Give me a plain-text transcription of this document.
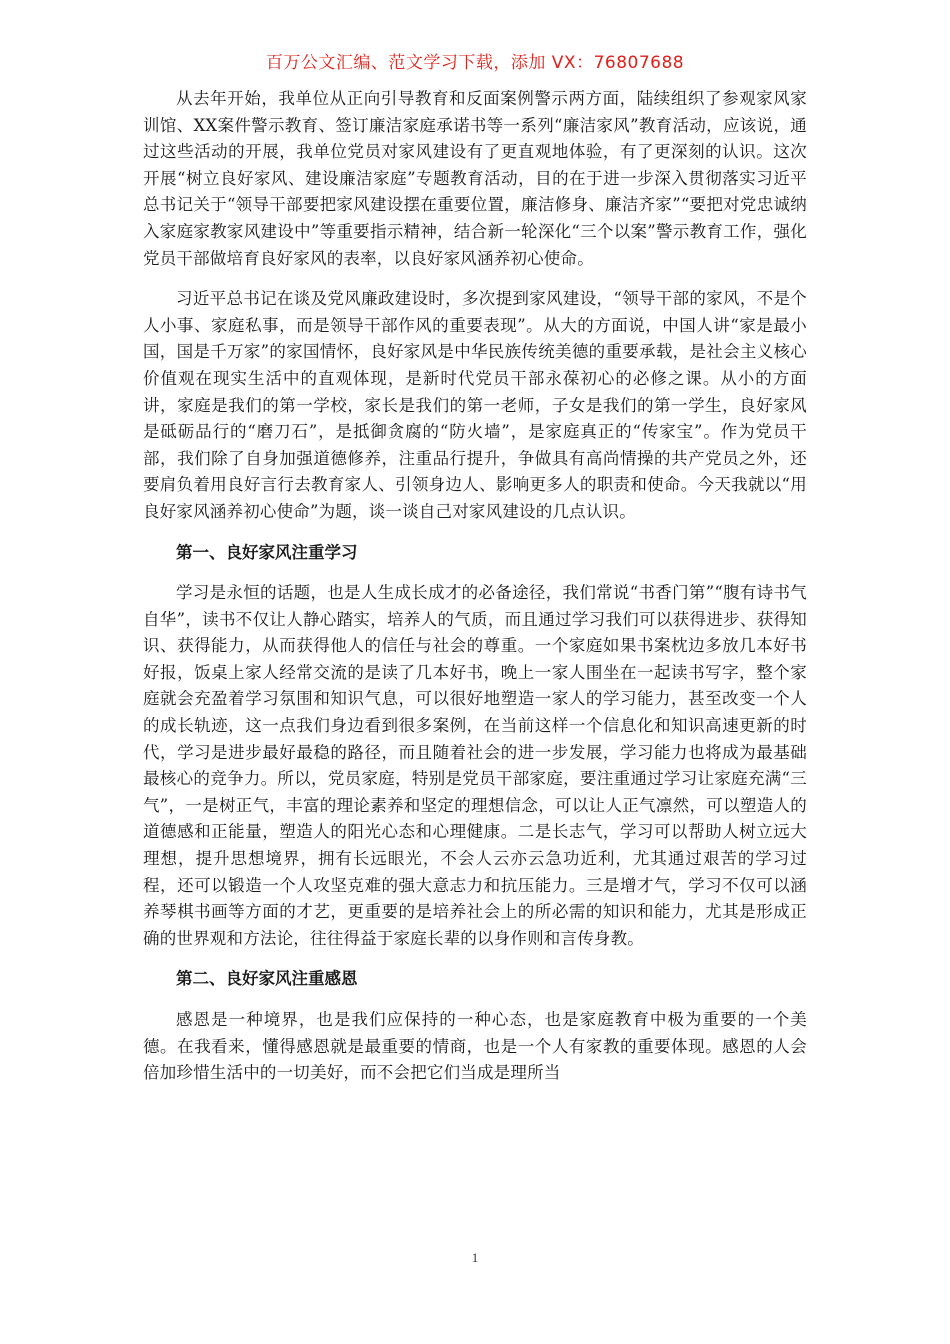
百万公文汇编、范文学习下载，添加 VX：76807688

从去年开始，我单位从正向引导教育和反面案例警示两方面，陆续组织了参观家风家训馆、XX案件警示教育、签订廉洁家庭承诺书等一系列“廉洁家风”教育活动，应该说，通过这些活动的开展，我单位党员对家风建设有了更直观地体验，有了更深刻的认识。这次开展“树立良好家风、建设廉洁家庭”专题教育活动，目的在于进一步深入贯彻落实习近平总书记关于“领导干部要把家风建设摆在重要位置，廉洁修身、廉洁齐家”“要把对党忠诚纳入家庭家教家风建设中”等重要指示精神，结合新一轮深化“三个以案”警示教育工作，强化党员干部做培育良好家风的表率，以良好家风涵养初心使命。

习近平总书记在谈及党风廉政建设时，多次提到家风建设，“领导干部的家风，不是个人小事、家庭私事，而是领导干部作风的重要表现”。从大的方面说，中国人讲“家是最小国，国是千万家”的家国情怀，良好家风是中华民族传统美德的重要承载，是社会主义核心价值观在现实生活中的直观体现，是新时代党员干部永葆初心的必修之课。从小的方面讲，家庭是我们的第一学校，家长是我们的第一老师，子女是我们的第一学生，良好家风是砥砺品行的“磨刀石”，是抵御贪腐的“防火墙”，是家庭真正的“传家宝”。作为党员干部，我们除了自身加强道德修养，注重品行提升，争做具有高尚情操的共产党员之外，还要肩负着用良好言行去教育家人、引领身边人、影响更多人的职责和使命。今天我就以“用良好家风涵养初心使命”为题，谈一谈自己对家风建设的几点认识。

第一、良好家风注重学习

学习是永恒的话题，也是人生成长成才的必备途径，我们常说“书香门第”“腹有诗书气自华”，读书不仅让人静心踏实，培养人的气质，而且通过学习我们可以获得进步、获得知识、获得能力，从而获得他人的信任与社会的尊重。一个家庭如果书案枕边多放几本好书好报，饭桌上家人经常交流的是读了几本好书，晚上一家人围坐在一起读书写字，整个家庭就会充盈着学习氛围和知识气息，可以很好地塑造一家人的学习能力，甚至改变一个人的成长轨迹，这一点我们身边看到很多案例，在当前这样一个信息化和知识高速更新的时代，学习是进步最好最稳的路径，而且随着社会的进一步发展，学习能力也将成为最基础最核心的竞争力。所以，党员家庭，特别是党员干部家庭，要注重通过学习让家庭充满“三气”，一是树正气，丰富的理论素养和坚定的理想信念，可以让人正气凛然，可以塑造人的道德感和正能量，塑造人的阳光心态和心理健康。二是长志气，学习可以帮助人树立远大理想，提升思想境界，拥有长远眼光，不会人云亦云急功近利，尤其通过艰苦的学习过程，还可以锻造一个人攻坚克难的强大意志力和抗压能力。三是增才气，学习不仅可以涵养琴棋书画等方面的才艺，更重要的是培养社会上的所必需的知识和能力，尤其是形成正确的世界观和方法论，往往得益于家庭长辈的以身作则和言传身教。

第二、良好家风注重感恩

感恩是一种境界，也是我们应保持的一种心态，也是家庭教育中极为重要的一个美德。在我看来，懂得感恩就是最重要的情商，也是一个人有家教的重要体现。感恩的人会倍加珍惜生活中的一切美好，而不会把它们当成是理所当

1
